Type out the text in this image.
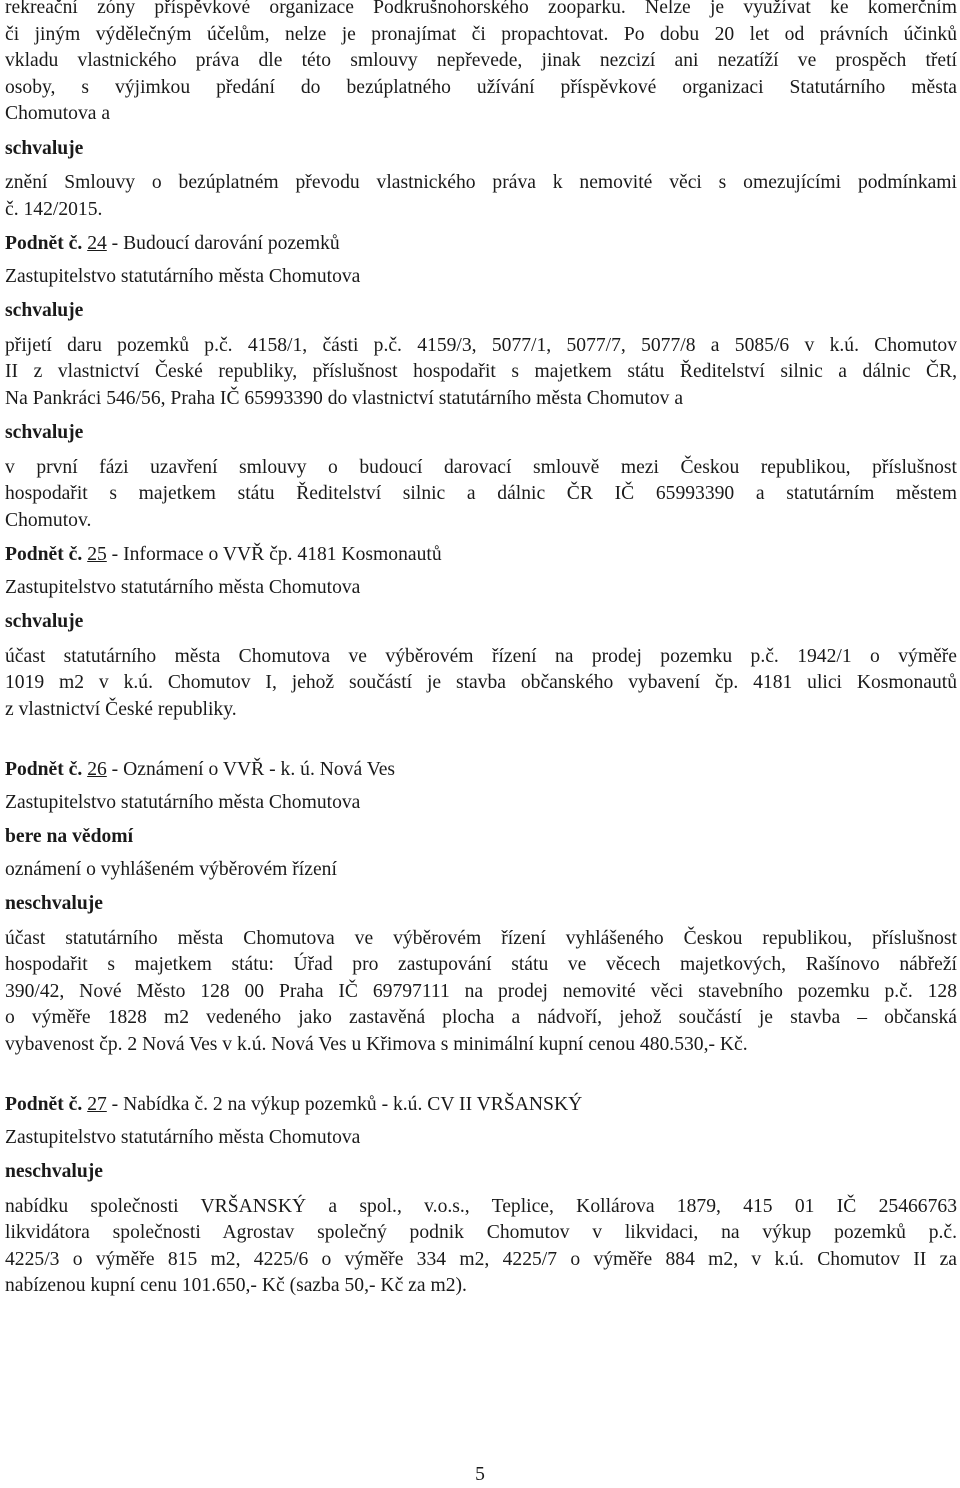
rekreační zóny příspěvkové organizace Podkrušnohorského zooparku. Nelze je využívat ke komerčním

či jiným výdělečným účelům, nelze je pronajímat či propachtovat. Po dobu 20 let od právních účinků

vkladu vlastnického práva dle této smlouvy nepřevede, jinak nezcizí ani nezatíží ve prospěch třetí

osoby, s výjimkou předání do bezúplatného užívání příspěvkové organizaci Statutárního města

Chomutova a

schvaluje

znění Smlouvy o bezúplatném převodu vlastnického práva k nemovité věci s omezujícími podmínkami

č. 142/2015.

Podnět č. 24 - Budoucí darování pozemků

Zastupitelstvo statutárního města Chomutova

schvaluje

přijetí daru pozemků p.č. 4158/1, části p.č. 4159/3, 5077/1, 5077/7, 5077/8 a 5085/6 v k.ú. Chomutov

II z vlastnictví České republiky, příslušnost hospodařit s majetkem státu Ředitelství silnic a dálnic ČR,

Na Pankráci 546/56, Praha IČ 65993390 do vlastnictví statutárního města Chomutov a

schvaluje

v první fázi uzavření smlouvy o budoucí darovací smlouvě mezi Českou republikou, příslušnost

hospodařit s majetkem státu Ředitelství silnic a dálnic ČR IČ 65993390 a statutárním městem

Chomutov.

Podnět č. 25 - Informace o VVŘ čp. 4181 Kosmonautů

Zastupitelstvo statutárního města Chomutova

schvaluje

účast statutárního města Chomutova ve výběrovém řízení na prodej pozemku p.č. 1942/1 o výměře

1019 m2 v k.ú. Chomutov I, jehož součástí je stavba občanského vybavení čp. 4181 ulici Kosmonautů

z vlastnictví České republiky.

Podnět č. 26 - Oznámení o VVŘ - k. ú. Nová Ves

Zastupitelstvo statutárního města Chomutova

bere na vědomí

oznámení o vyhlášeném výběrovém řízení

neschvaluje

účast statutárního města Chomutova ve výběrovém řízení vyhlášeného Českou republikou, příslušnost

hospodařit s majetkem státu: Úřad pro zastupování státu ve věcech majetkových, Rašínovo nábřeží

390/42, Nové Město 128 00 Praha IČ 69797111 na prodej nemovité věci stavebního pozemku p.č. 128

o výměře 1828 m2 vedeného jako zastavěná plocha a nádvoří, jehož součástí je stavba – občanská

vybavenost čp. 2 Nová Ves v k.ú. Nová Ves u Křimova s minimální kupní cenou 480.530,- Kč.

Podnět č. 27 - Nabídka č. 2 na výkup pozemků - k.ú. CV II VRŠANSKÝ

Zastupitelstvo statutárního města Chomutova

neschvaluje

nabídku společnosti VRŠANSKÝ a spol., v.o.s., Teplice, Kollárova 1879, 415 01 IČ 25466763

likvidátora společnosti Agrostav společný podnik Chomutov v likvidaci, na výkup pozemků p.č.

4225/3 o výměře 815 m2, 4225/6 o výměře 334 m2, 4225/7 o výměře 884 m2, v k.ú. Chomutov II za

nabízenou kupní cenu 101.650,- Kč (sazba 50,- Kč za m2).

5
